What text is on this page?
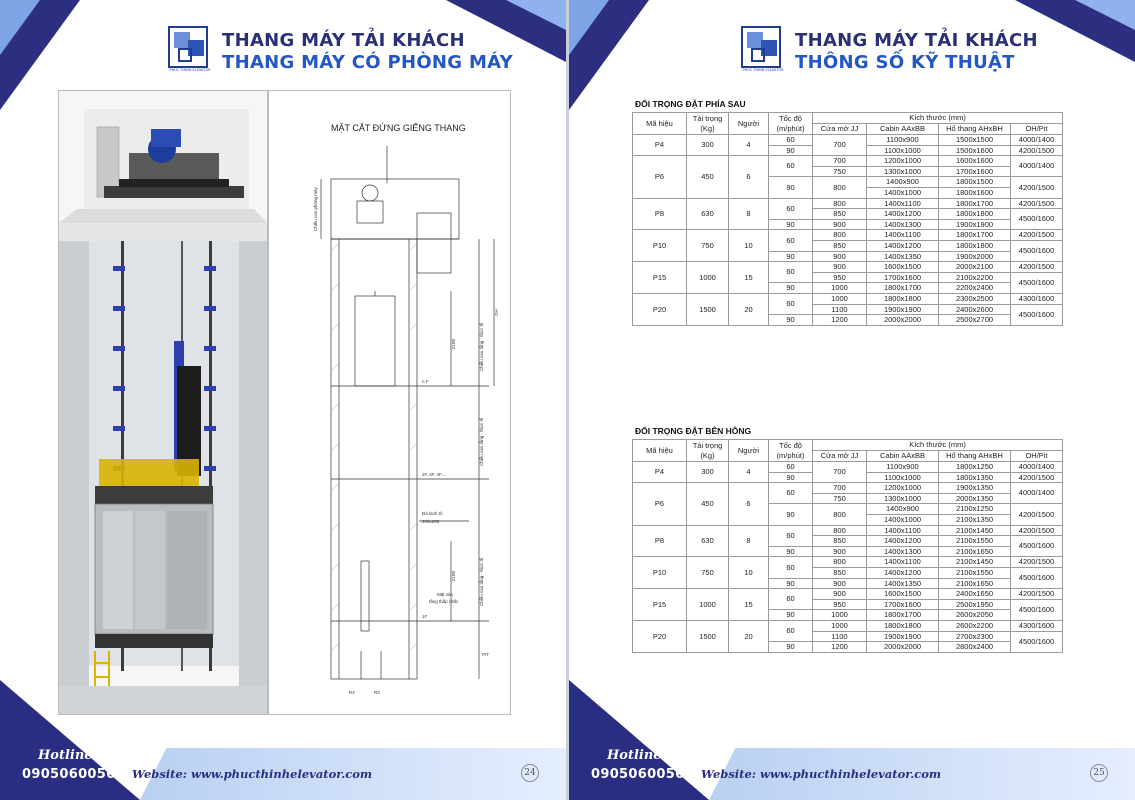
PHUC THINH ELEVATOR
THANG MÁY TẢI KHÁCH
THANG MÁY CÓ PHÒNG MÁY
MẶT CẮT ĐỨNG GIẾNG THANG
n F
2F, 3F, 4F....
Đà lanh tô
200x200
Mặt sàn
tầng thấp nhất
1F
PIT
R4	R3
2100
2100
OH
Chiều cao phòng máy
Chiều cao tầng - thực tế
Chiều cao tầng - thực tế
Chiều cao tầng - thực tế
Hotline
0905060056 Website: www.phucthinhelevator.com	24
PHUC THINH ELEVATOR
THANG MÁY TẢI KHÁCH
THÔNG SỐ KỸ THUẬT
ĐỐI TRỌNG ĐẶT PHÍA SAU
Mã hiệu	Tải trọng (Kg)	Người	Tốc độ (m/phút)	Kích thước (mm)			
				Cửa mở JJ	Cabin AAxBB	Hố thang AHxBH	OH/Pit
P4	300	4	60	700	1100x900	1500x1500	4000/1400
			90		1100x1000	1500x1600	4200/1500
P6	450	6	60	700	1200x1000	1600x1600	4000/1400
				750	1300x1000	1700x1600	
			90	800	1400x900	1800x1500	4200/1500
					1400x1000	1800x1600	
P8	630	8	60	800	1400x1100	1800x1700	4200/1500
				850	1400x1200	1800x1800	4500/1600
			90	900	1400x1300	1900x1900	
P10	750	10	60	800	1400x1100	1800x1700	4200/1500
				850	1400x1200	1800x1800	4500/1600
			90	900	1400x1350	1900x2000	
P15	1000	15	60	900	1600x1500	2000x2100	4200/1500
				950	1700x1600	2100x2200	4500/1600
			90	1000	1800x1700	2200x2400	
P20	1500	20	60	1000	1800x1800	2300x2500	4300/1600
				1100	1900x1900	2400x2600	4500/1600
			90	1200	2000x2000	2500x2700	
ĐỐI TRỌNG ĐẶT BÊN HÔNG
Mã hiệu	Tải trọng (Kg)	Người	Tốc độ (m/phút)	Kích thước (mm)			
				Cửa mở JJ	Cabin AAxBB	Hố thang AHxBH	OH/Pit
P4	300	4	60	700	1100x900	1800x1250	4000/1400
			90		1100x1000	1800x1350	4200/1500
P6	450	6	60	700	1200x1000	1900x1350	4000/1400
				750	1300x1000	2000x1350	
			90	800	1400x900	2100x1250	4200/1500
					1400x1000	2100x1350	
P8	630	8	60	800	1400x1100	2100x1450	4200/1500
				850	1400x1200	2100x1550	4500/1600
			90	900	1400x1300	2100x1650	
P10	750	10	60	800	1400x1100	2100x1450	4200/1500
				850	1400x1200	2100x1550	4500/1600
			90	900	1400x1350	2100x1650	
P15	1000	15	60	900	1600x1500	2400x1650	4200/1500
				950	1700x1600	2500x1950	4500/1600
			90	1000	1800x1700	2600x2050	
P20	1500	20	60	1000	1800x1800	2600x2200	4300/1600
				1100	1900x1900	2700x2300	4500/1600
			90	1200	2000x2000	2800x2400	
Hotline
0905060056 Website: www.phucthinhelevator.com	25
